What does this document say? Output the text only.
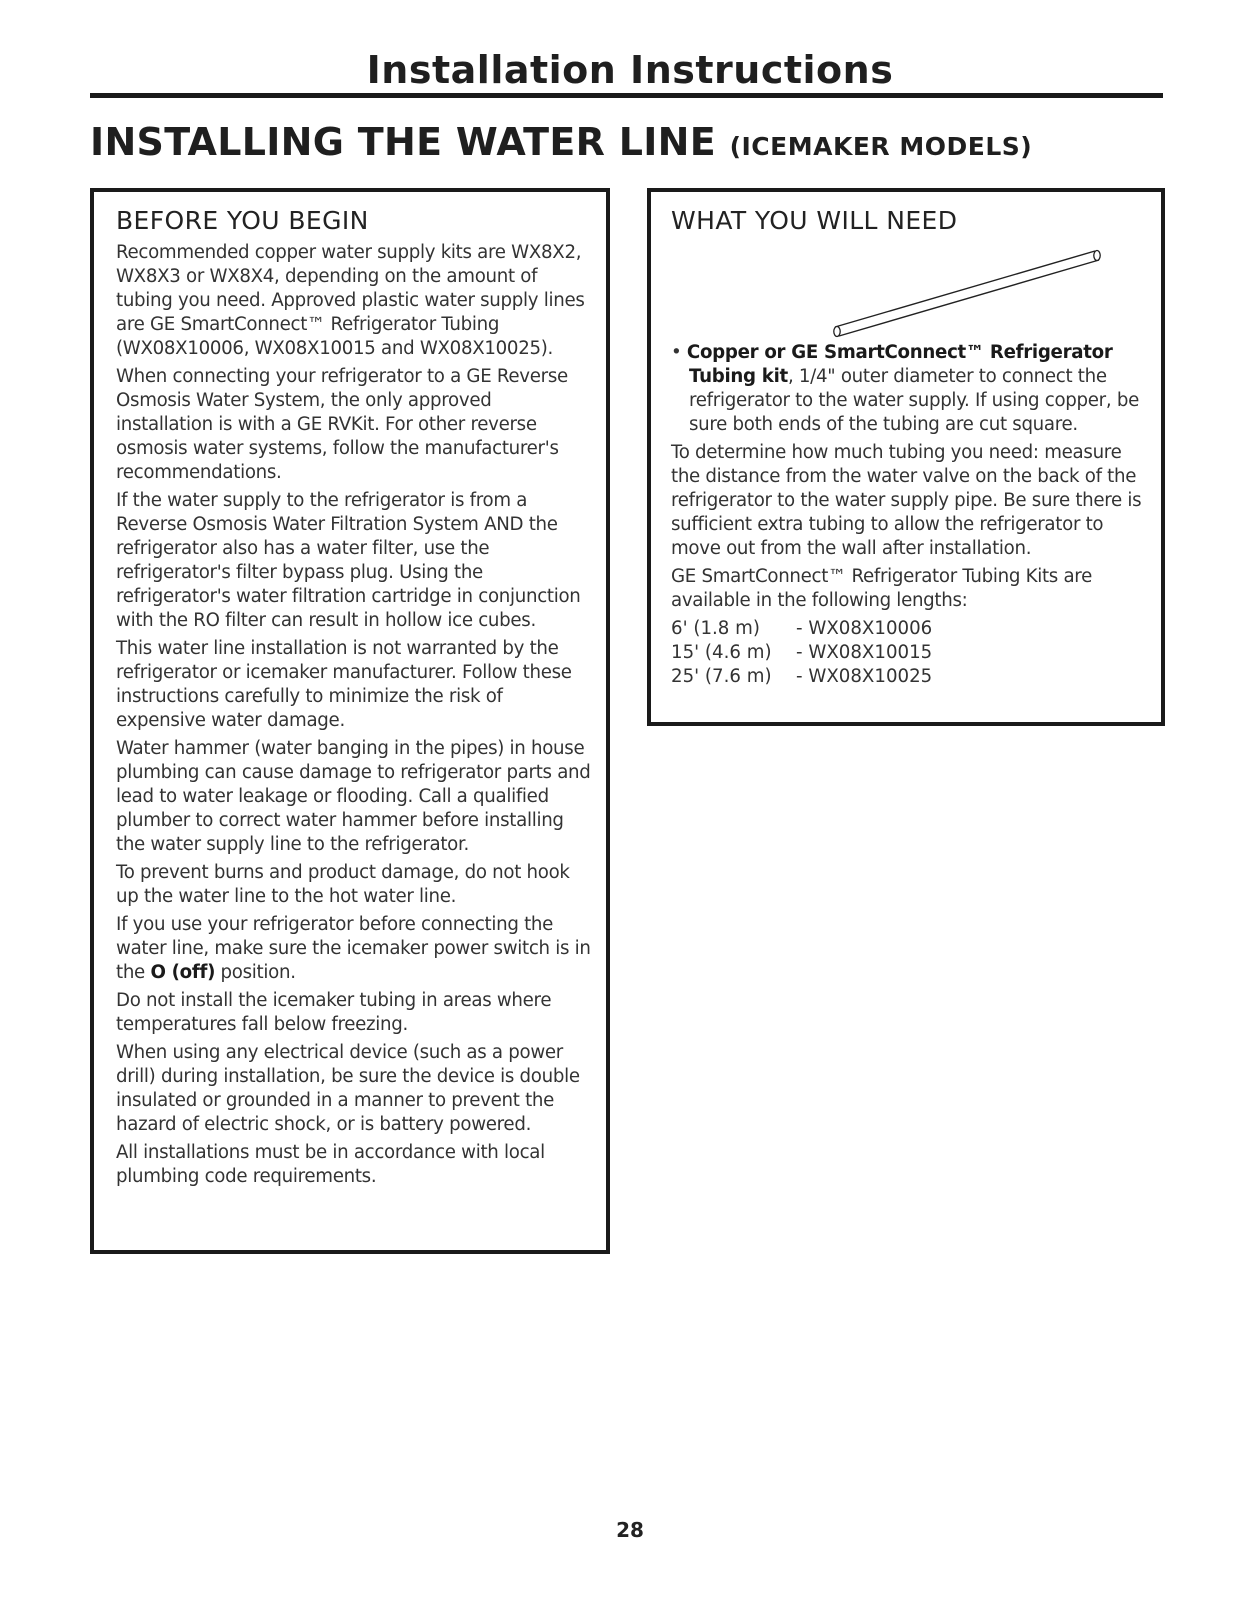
Installation Instructions
INSTALLING THE WATER LINE (ICEMAKER MODELS)
BEFORE YOU BEGIN

Recommended copper water supply kits are WX8X2, WX8X3 or WX8X4, depending on the amount of tubing you need. Approved plastic water supply lines are GE SmartConnect™ Refrigerator Tubing (WX08X10006, WX08X10015 and WX08X10025).

When connecting your refrigerator to a GE Reverse Osmosis Water System, the only approved installation is with a GE RVKit. For other reverse osmosis water systems, follow the manufacturer's recommendations.

If the water supply to the refrigerator is from a Reverse Osmosis Water Filtration System AND the refrigerator also has a water filter, use the refrigerator's filter bypass plug. Using the refrigerator's water filtration cartridge in conjunction with the RO filter can result in hollow ice cubes.

This water line installation is not warranted by the refrigerator or icemaker manufacturer. Follow these instructions carefully to minimize the risk of expensive water damage.

Water hammer (water banging in the pipes) in house plumbing can cause damage to refrigerator parts and lead to water leakage or flooding. Call a qualified plumber to correct water hammer before installing the water supply line to the refrigerator.

To prevent burns and product damage, do not hook up the water line to the hot water line.

If you use your refrigerator before connecting the water line, make sure the icemaker power switch is in the O (off) position.

Do not install the icemaker tubing in areas where temperatures fall below freezing.

When using any electrical device (such as a power drill) during installation, be sure the device is double insulated or grounded in a manner to prevent the hazard of electric shock, or is battery powered.

All installations must be in accordance with local plumbing code requirements.

WHAT YOU WILL NEED

• Copper or GE SmartConnect™ Refrigerator Tubing kit, 1/4" outer diameter to connect the refrigerator to the water supply. If using copper, be sure both ends of the tubing are cut square.

To determine how much tubing you need: measure the distance from the water valve on the back of the refrigerator to the water supply pipe. Be sure there is sufficient extra tubing to allow the refrigerator to move out from the wall after installation.

GE SmartConnect™ Refrigerator Tubing Kits are available in the following lengths:

6' (1.8 m)	- WX08X10006
15' (4.6 m)	- WX08X10015
25' (7.6 m)	- WX08X10025
28
